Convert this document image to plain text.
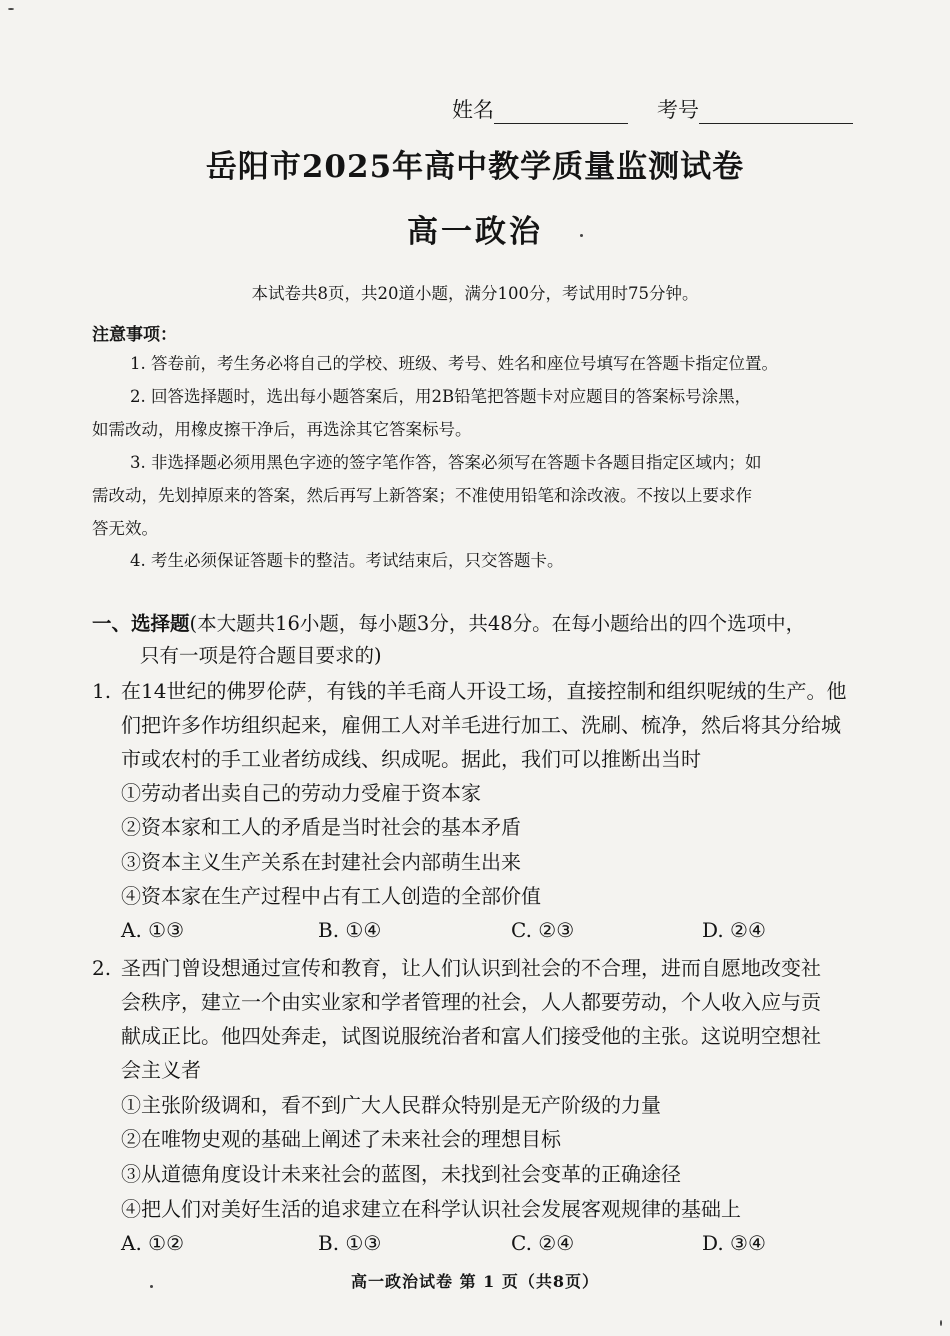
姓名	考号
岳阳市2025年高中教学质量监测试卷
高一政治
本试卷共8页，共20道小题，满分100分，考试用时75分钟。
注意事项：
1. 答卷前，考生务必将自己的学校、班级、考号、姓名和座位号填写在答题卡指定位置。
2. 回答选择题时，选出每小题答案后，用2B铅笔把答题卡对应题目的答案标号涂黑，
如需改动，用橡皮擦干净后，再选涂其它答案标号。
3. 非选择题必须用黑色字迹的签字笔作答，答案必须写在答题卡各题目指定区域内；如
需改动，先划掉原来的答案，然后再写上新答案；不准使用铅笔和涂改液。不按以上要求作
答无效。
4. 考生必须保证答题卡的整洁。考试结束后，只交答题卡。
一、选择题(本大题共16小题，每小题3分，共48分。在每小题给出的四个选项中，
只有一项是符合题目要求的)
1. 在14世纪的佛罗伦萨，有钱的羊毛商人开设工场，直接控制和组织呢绒的生产。他
们把许多作坊组织起来，雇佣工人对羊毛进行加工、洗刷、梳净，然后将其分给城
市或农村的手工业者纺成线、织成呢。据此，我们可以推断出当时
①劳动者出卖自己的劳动力受雇于资本家
②资本家和工人的矛盾是当时社会的基本矛盾
③资本主义生产关系在封建社会内部萌生出来
④资本家在生产过程中占有工人创造的全部价值
A. ①③	B. ①④	C. ②③	D. ②④
2. 圣西门曾设想通过宣传和教育，让人们认识到社会的不合理，进而自愿地改变社
会秩序，建立一个由实业家和学者管理的社会，人人都要劳动，个人收入应与贡
献成正比。他四处奔走，试图说服统治者和富人们接受他的主张。这说明空想社
会主义者
①主张阶级调和，看不到广大人民群众特别是无产阶级的力量
②在唯物史观的基础上阐述了未来社会的理想目标
③从道德角度设计未来社会的蓝图，未找到社会变革的正确途径
④把人们对美好生活的追求建立在科学认识社会发展客观规律的基础上
A. ①②	B. ①③	C. ②④	D. ③④
高一政治试卷 第 1 页（共8页）
